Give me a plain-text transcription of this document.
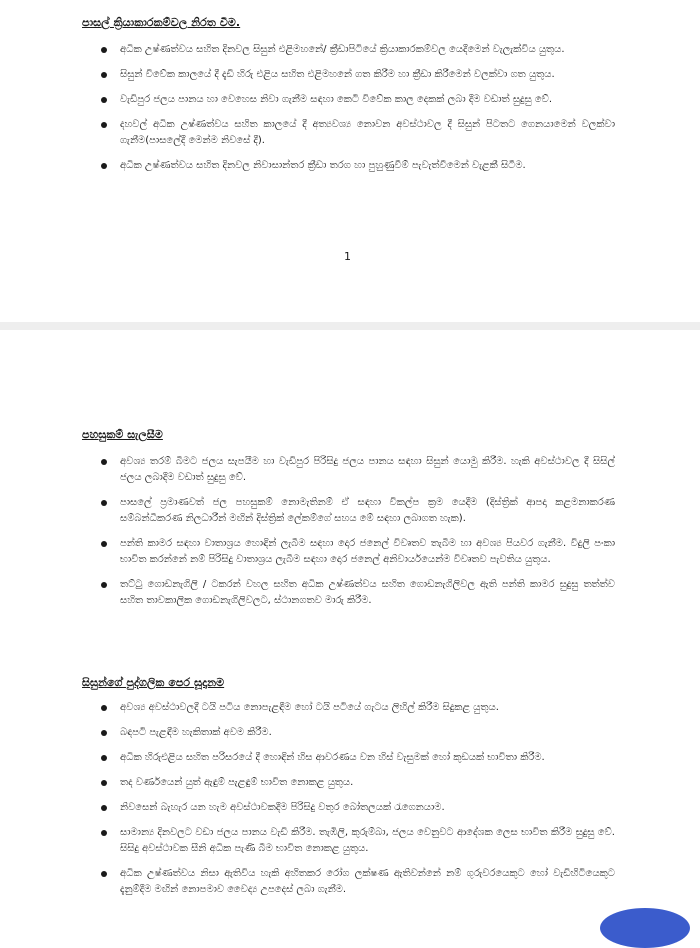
පාසල් ක්‍රියාකාරකම්වල නිරත වීම.
අධික උෂ්ණත්වය සහිත දිනවල සිසුන් එළිමහනේ/ ක්‍රීඩාපිටියේ ක්‍රියාකාරකම්වල යෙදීමෙන් වැලැක්විය යුතුය.
සිසුන් විවේක කාලයේ දී දැඩි හිරු එළිය සහිත එළිමහනේ ගත කිරීම හා ක්‍රීඩා කිරීමෙන් වලක්වා ගත යුතුය.
වැඩිපුර ජලය පානය හා වෙහෙස නිවා ගැනීම සඳහා කෙටි විවේක කාල දෙකක් ලබා දීම වඩාත් සුදුසු වේ.
දහවල් අධික උෂ්ණත්වය සහිත කාලයේ දී අත්‍යවශ්‍ය නොවන අවස්ථාවල දී සිසුන් පිටතට ගෙනයාමෙන් වලක්වා ගැනීම(පාසලේදී මෙන්ම නිවසේ දී).
අධික උෂ්ණත්වය සහිත දිනවල නිවාසාන්තර ක්‍රීඩා තරග හා පුහුණුවීම් පැවැත්වීමෙන් වැළකී සිටීම.
1
පහසුකම් සැලසීම
අවශ්‍ය තරම් බීමට ජලය සැපයීම හා වැඩිපුර පිරිසිදු ජලය පානය සඳහා සිසුන් යොමු කිරීම. හැකි අවස්ථාවල දී සිසිල් ජලය ලබාදීම වඩාත් සුදුසු වේ.
පාසලේ ප්‍රමාණවත් ජල පහසුකම් නොමැතිනම් ඒ සඳහා විකල්ප ක්‍රම යෙදීම (දිස්ත්‍රික් ආපදා කළමනාකරණ සම්බන්ධීකරණ නිලධාරීන් මඟින් දිස්ත්‍රික් ලේකම්ගේ සහය මේ සඳහා ලබාගත හැක).
පන්ති කාමර සඳහා වාතාශ්‍රය හොඳින් ලැබීම සඳහා දොර ජනෙල් විවෘතව තැබීම හා අවශ්‍ය පියවර ගැනීම. විදුලි පංකා භාවිත කරන්නේ නම් පිරිසිදු වාතාශ්‍රය ලැබීම සඳහා දොර ජනෙල් අනිවාර්යයෙන්ම විවෘතව පැවතිය යුතුය.
තට්ටු ගොඩනැගිලි / ටකරන් වහල සහිත අධික උෂ්ණත්වය සහිත ගොඩනැගිලිවල ඇති පන්ති කාමර සුදුසු තත්ත්ව සහිත තාවකාලික ගොඩනැගිලිවලට, ස්ථානගතව මාරු කිරීම.
සිසුන්ගේ පුද්ගලික පෙර සූදානම
අවශ්‍ය අවස්ථාවලදී ටයි පටිය නොපැළඳීම හෝ ටයි පටියේ ගැටය ලිහිල් කිරීම සිදුකළ යුතුය.
බඳපටි පැළඳීම හැකිතාක් අවම කිරීම.
අධික හිරුඑළිය සහිත පරිසරයේ දී හොඳින් හිස ආවරණය වන හිස් වැසුමක් හෝ කුඩයක් භාවිතා කිරීම.
තද වර්ණයෙන් යුත් ඇඳුම් පැළඳුම් භාවිත නොකළ යුතුය.
නිවසෙන් බැහැර යන හැම අවස්ථාවකදීම පිරිසිදු වතුර බෝතලයක් රැගෙනයාම.
සාමාන්‍ය දිනවලට වඩා ජලය පානය වැඩි කිරීම. තැඹිලි, කුරුම්බා, ජලය වෙනුවට ආදේශක ලෙස භාවිත කිරීම සුදුසු වේ. සිසිදු අවස්ථාවක සීනි අධික පැණි බීම භාවිත නොකළ යුතුය.
අධික උෂ්ණත්වය නිසා ඇතිවිය හැකි අහිතකර රෝග ලක්ෂණ ඇතිවන්නේ නම් ගුරුවරයෙකුට හෝ වැඩිහිටියෙකුට දැනුම්දීම මඟින් නොපමාව වෛද්‍ය උපදෙස් ලබා ගැනීම.
